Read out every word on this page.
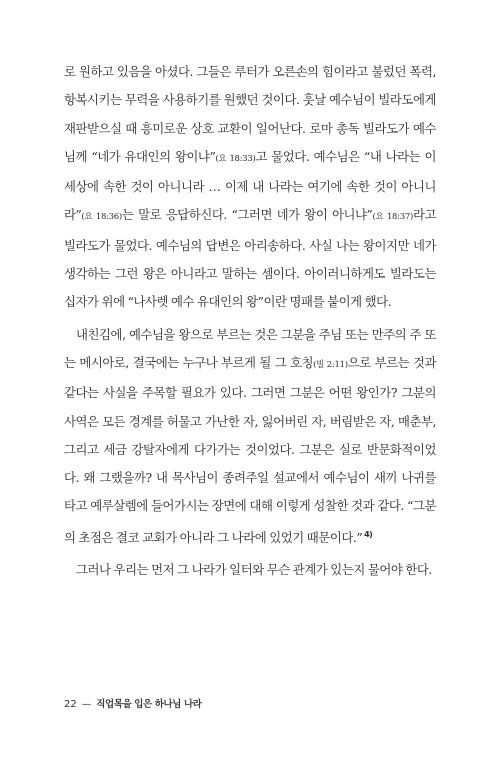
로 원하고 있음을 아셨다. 그들은 루터가 오른손의 힘이라고 불렀던 폭력, 항복시키는 무력을 사용하기를 원했던 것이다. 훗날 예수님이 빌라도에게 재판받으실 때 흥미로운 상호 교환이 일어난다. 로마 총독 빌라도가 예수님께 “네가 유대인의 왕이냐”(요 18:33)고 물었다. 예수님은 “내 나라는 이 세상에 속한 것이 아니니라 … 이제 내 나라는 여기에 속한 것이 아니니라”(요 18:36)는 말로 응답하신다. “그러면 네가 왕이 아니냐”(요 18:37)라고 빌라도가 물었다. 예수님의 답변은 아리송하다. 사실 나는 왕이지만 네가 생각하는 그런 왕은 아니라고 말하는 셈이다. 아이러니하게도 빌라도는 십자가 위에 “나사렛 예수 유대인의 왕”이란 명패를 붙이게 했다.

내친김에, 예수님을 왕으로 부르는 것은 그분을 주님 또는 만주의 주 또는 메시아로, 결국에는 누구나 부르게 될 그 호칭(빌 2:11)으로 부르는 것과 같다는 사실을 주목할 필요가 있다. 그러면 그분은 어떤 왕인가? 그분의 사역은 모든 경계를 허물고 가난한 자, 잃어버린 자, 버림받은 자, 매춘부, 그리고 세금 강탈자에게 다가가는 것이었다. 그분은 실로 반문화적이었다. 왜 그랬을까? 내 목사님이 종려주일 설교에서 예수님이 새끼 나귀를 타고 예루살렘에 들어가시는 장면에 대해 이렇게 성찰한 것과 같다. “그분의 초점은 결코 교회가 아니라 그 나라에 있었기 때문이다.” $^{4)}$

그러나 우리는 먼저 그 나라가 일터와 무슨 관계가 있는지 물어야 한다.

22 — 직업목을 입은 하나님 나라
